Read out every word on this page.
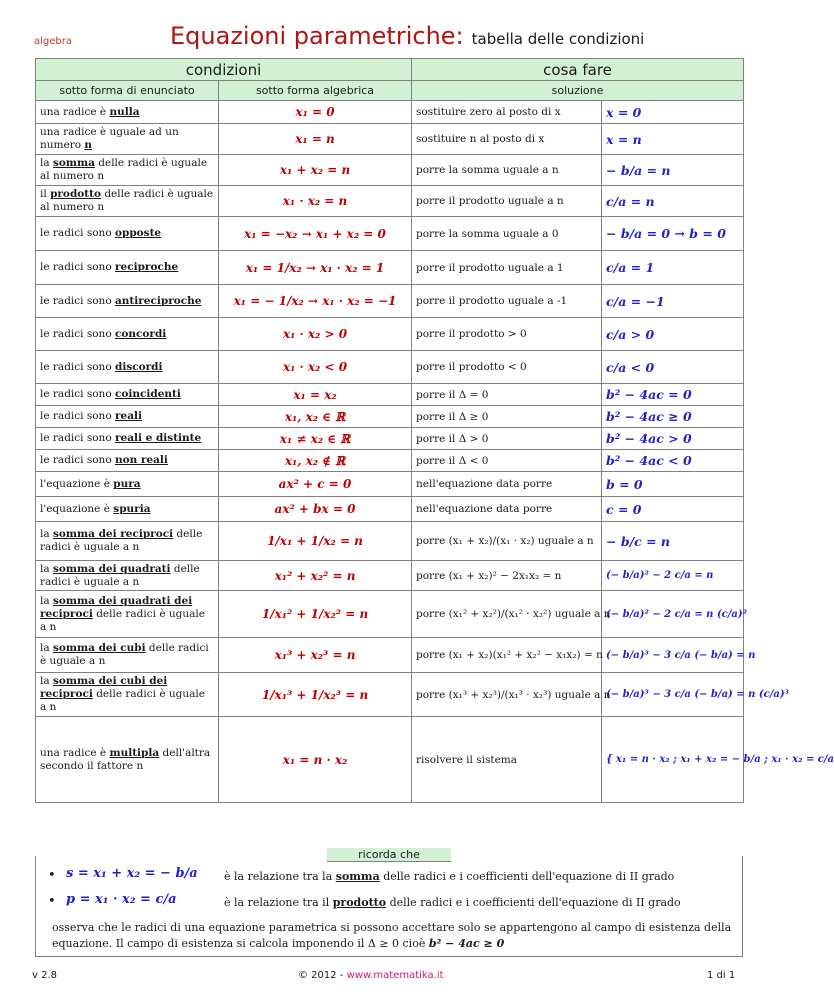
algebra	Equazioni parametriche: tabella delle condizioni
condizioni		cosa fare	
sotto forma di enunciato	sotto forma algebrica	soluzione	
una radice è nulla	x₁ = 0	sostituire zero al posto di x	x = 0
una radice è uguale ad un numero n	x₁ = n	sostituire n al posto di x	x = n
la somma delle radici è uguale al numero n	x₁ + x₂ = n	porre la somma uguale a n	− b/a = n
il prodotto delle radici è uguale al numero n	x₁ · x₂ = n	porre il prodotto uguale a n	c/a = n
le radici sono opposte	x₁ = −x₂ → x₁ + x₂ = 0	porre la somma uguale a 0	− b/a = 0 → b = 0
le radici sono reciproche	x₁ = 1/x₂ → x₁ · x₂ = 1	porre il prodotto uguale a 1	c/a = 1
le radici sono antireciproche	x₁ = − 1/x₂ → x₁ · x₂ = −1	porre il prodotto uguale a -1	c/a = −1
le radici sono concordi	x₁ · x₂ > 0	porre il prodotto > 0	c/a > 0
le radici sono discordi	x₁ · x₂ < 0	porre il prodotto < 0	c/a < 0
le radici sono coincidenti	x₁ = x₂	porre il Δ = 0	b² − 4ac = 0
le radici sono reali	x₁, x₂ ∈ ℝ	porre il Δ ≥ 0	b² − 4ac ≥ 0
le radici sono reali e distinte	x₁ ≠ x₂ ∈ ℝ	porre il Δ > 0	b² − 4ac > 0
le radici sono non reali	x₁, x₂ ∉ ℝ	porre il Δ < 0	b² − 4ac < 0
l'equazione è pura	ax² + c = 0	nell'equazione data porre	b = 0
l'equazione è spuria	ax² + bx = 0	nell'equazione data porre	c = 0
la somma dei reciproci delle radici è uguale a n	1/x₁ + 1/x₂ = n	porre (x₁ + x₂)/(x₁ · x₂) uguale a n	− b/c = n
la somma dei quadrati delle radici è uguale a n	x₁² + x₂² = n	porre (x₁ + x₂)² − 2x₁x₂ = n	(− b/a)² − 2 c/a = n
la somma dei quadrati dei reciproci delle radici è uguale a n	1/x₁² + 1/x₂² = n	porre (x₁² + x₂²)/(x₁² · x₂²) uguale a n	(− b/a)² − 2 c/a = n (c/a)²
la somma dei cubi delle radici è uguale a n	x₁³ + x₂³ = n	porre (x₁ + x₂)(x₁² + x₂² − x₁x₂) = n	(− b/a)³ − 3 c/a (− b/a) = n
la somma dei cubi dei reciproci delle radici è uguale a n	1/x₁³ + 1/x₂³ = n	porre (x₁³ + x₂³)/(x₁³ · x₂³) uguale a n	(− b/a)³ − 3 c/a (− b/a) = n (c/a)³
una radice è multipla dell'altra secondo il fattore n	x₁ = n · x₂	risolvere il sistema	{ x₁ = n · x₂ ; x₁ + x₂ = − b/a ; x₁ · x₂ = c/a
ricorda che
• s = x₁ + x₂ = − b/a è la relazione tra la somma delle radici e i coefficienti dell'equazione di II grado
• p = x₁ · x₂ = c/a	è la relazione tra il prodotto delle radici e i coefficienti dell'equazione di II grado
osserva che le radici di una equazione parametrica si possono accettare solo se appartengono al campo di esistenza della equazione. Il campo di esistenza si calcola imponendo il Δ ≥ 0 cioè b² − 4ac ≥ 0
v 2.8	© 2012 - www.matematika.it	1 di 1
